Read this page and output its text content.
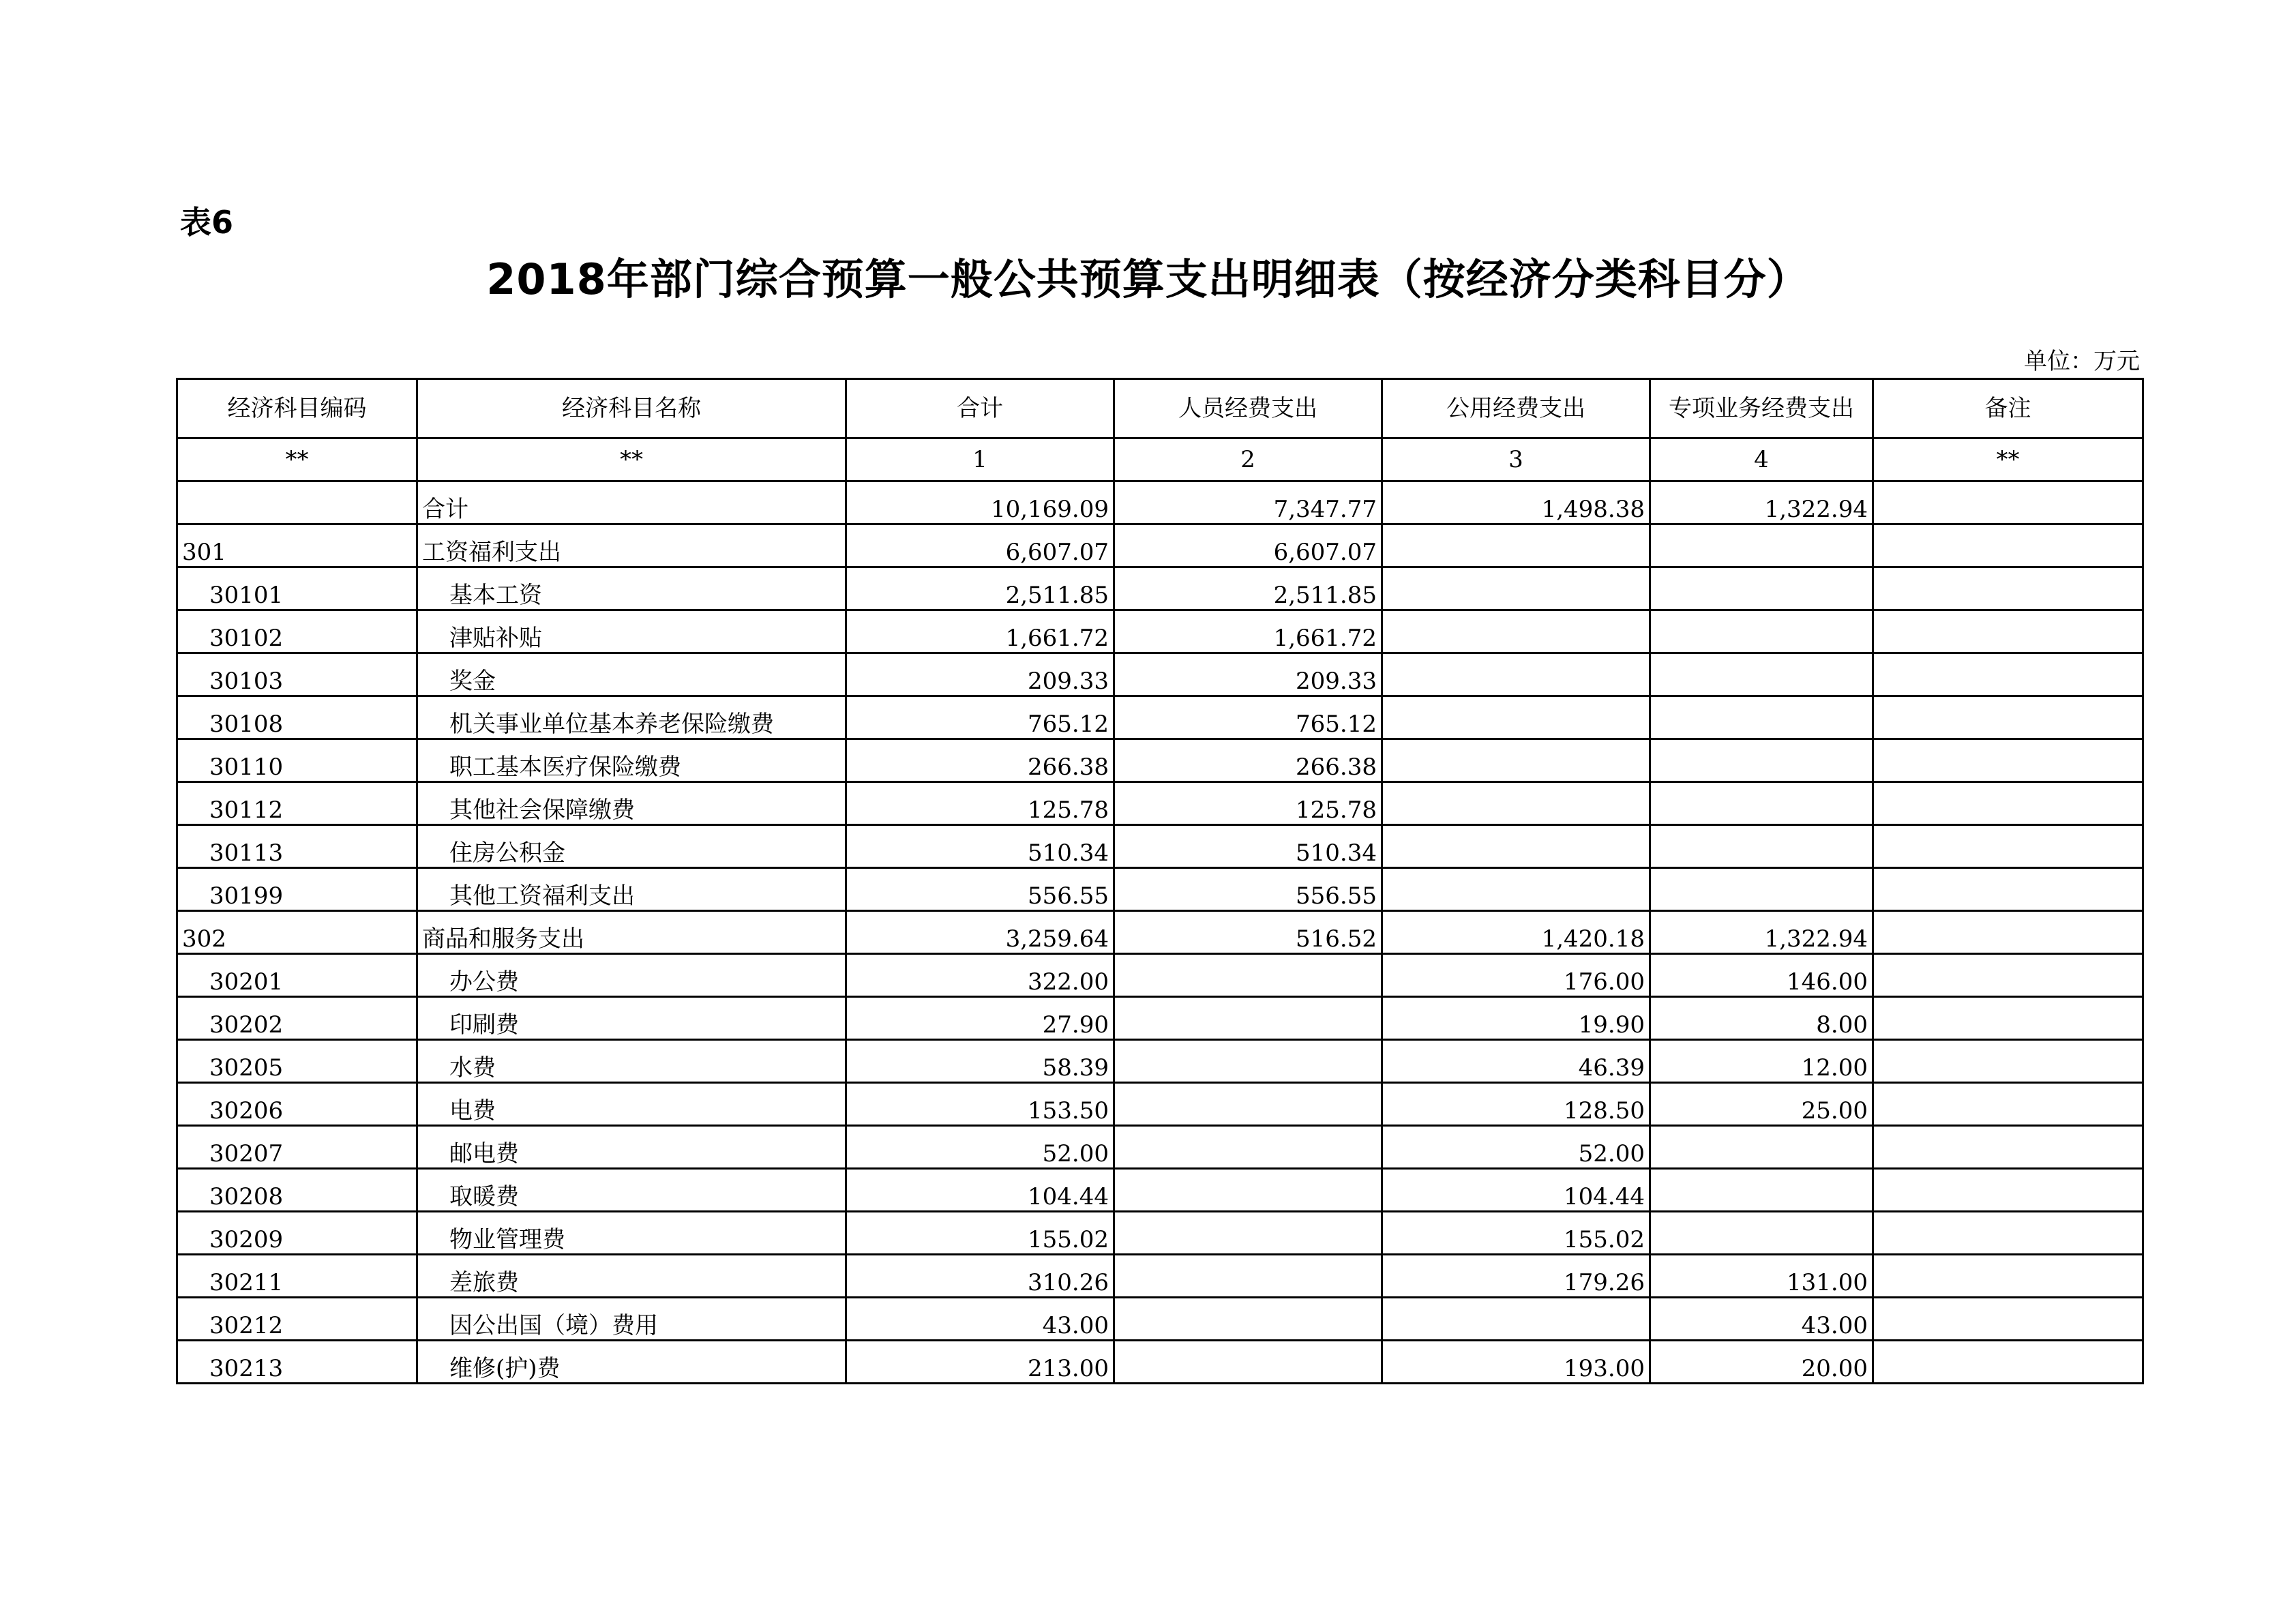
表6
2018年部门综合预算一般公共预算支出明细表（按经济分类科目分）
单位：万元
经济科目编码	经济科目名称	合计	人员经费支出	公用经费支出	专项业务经费支出	备注
**	**	1	2	3	4	**
	合计	10,169.09	7,347.77	1,498.38	1,322.94	
301	工资福利支出	6,607.07	6,607.07			
30101	基本工资	2,511.85	2,511.85			
30102	津贴补贴	1,661.72	1,661.72			
30103	奖金	209.33	209.33			
30108	机关事业单位基本养老保险缴费	765.12	765.12			
30110	职工基本医疗保险缴费	266.38	266.38			
30112	其他社会保障缴费	125.78	125.78			
30113	住房公积金	510.34	510.34			
30199	其他工资福利支出	556.55	556.55			
302	商品和服务支出	3,259.64	516.52	1,420.18	1,322.94	
30201	办公费	322.00		176.00	146.00	
30202	印刷费	27.90		19.90	8.00	
30205	水费	58.39		46.39	12.00	
30206	电费	153.50		128.50	25.00	
30207	邮电费	52.00		52.00		
30208	取暖费	104.44		104.44		
30209	物业管理费	155.02		155.02		
30211	差旅费	310.26		179.26	131.00	
30212	因公出国（境）费用	43.00			43.00	
30213	维修(护)费	213.00		193.00	20.00	
